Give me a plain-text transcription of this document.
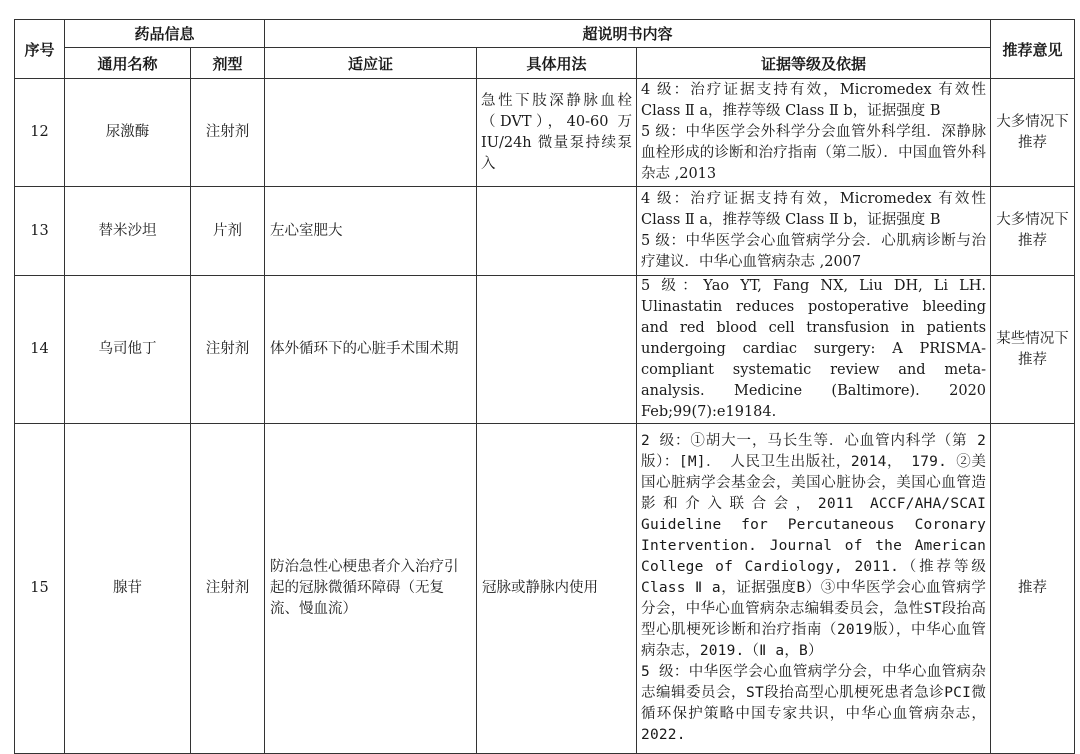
序号	药品信息		超说明书内容			推荐意见
	通用名称	剂型	适应证	具体用法	证据等级及依据	
12	尿激酶	注射剂		急性下肢深静脉血栓（DVT），40-60 万 IU/24h 微量泵持续泵入	4 级：治疗证据支持有效，Micromedex 有效性 Class Ⅱ a，推荐等级 Class Ⅱ b，证据强度 B
5 级：中华医学会外科学分会血管外科学组．深静脉血栓形成的诊断和治疗指南（第二版）．中国血管外科杂志 ,2013	大多情况下推荐
13	替米沙坦	片剂	左心室肥大		4 级：治疗证据支持有效，Micromedex 有效性 Class Ⅱ a，推荐等级 Class Ⅱ b，证据强度 B
5 级：中华医学会心血管病学分会．心肌病诊断与治疗建议．中华心血管病杂志 ,2007	大多情况下推荐
14	乌司他丁	注射剂	体外循环下的心脏手术围术期		5 级：Yao YT, Fang NX, Liu DH, Li LH. Ulinastatin reduces postoperative bleeding and red blood cell transfusion in patients undergoing cardiac surgery: A PRISMA-compliant systematic review and meta-analysis. Medicine (Baltimore). 2020 Feb;99(7):e19184.	某些情况下推荐
15	腺苷	注射剂	防治急性心梗患者介入治疗引起的冠脉微循环障碍（无复流、慢血流）	冠脉或静脉内使用	2 级：①胡大一，马长生等．心血管内科学（第 2 版）：[M]． 人民卫生出版社，2014， 179. ②美国心脏病学会基金会，美国心脏协会，美国心血管造影和介入联合会，2011 ACCF/AHA/SCAI Guideline for Percutaneous Coronary Intervention. Journal of the American College of Cardiology, 2011.（推荐等级 Class Ⅱ a，证据强度B）③中华医学会心血管病学分会，中华心血管病杂志编辑委员会，急性ST段抬高型心肌梗死诊断和治疗指南（2019版），中华心血管病杂志，2019.（Ⅱ a，B）
5 级：中华医学会心血管病学分会，中华心血管病杂志编辑委员会，ST段抬高型心肌梗死患者急诊PCI微循环保护策略中国专家共识，中华心血管病杂志，2022.	推荐
